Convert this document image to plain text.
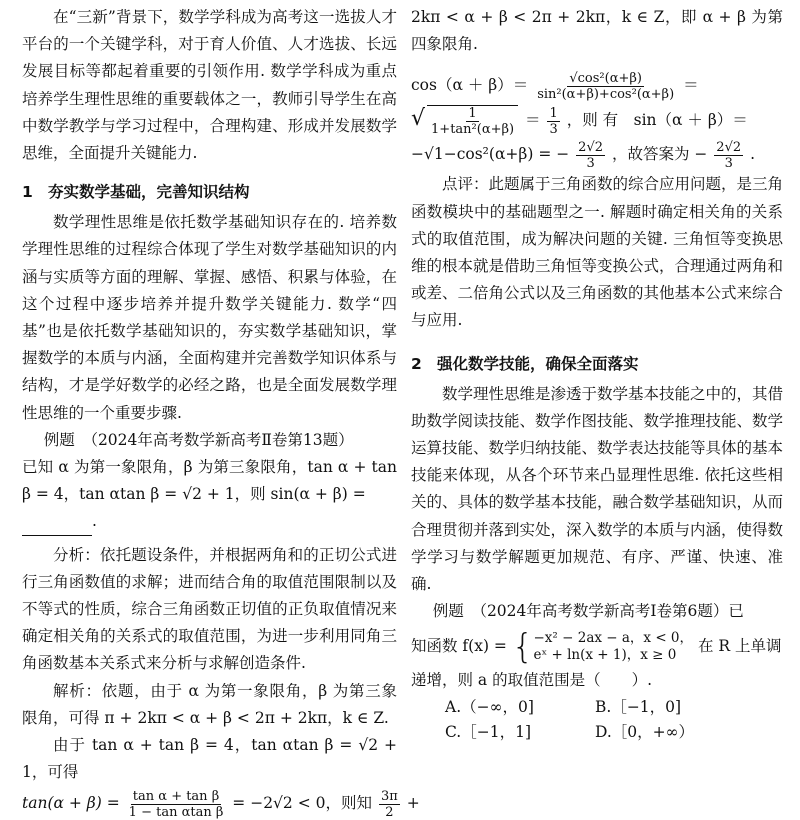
在“三新”背景下，数学学科成为高考这一选拔人才平台的一个关键学科，对于育人价值、人才选拔、长远发展目标等都起着重要的引领作用. 数学学科成为重点培养学生理性思维的重要载体之一，教师引导学生在高中数学教学与学习过程中，合理构建、形成并发展数学思维，全面提升关键能力.

1 夯实数学基础，完善知识结构

数学理性思维是依托数学基础知识存在的. 培养数学理性思维的过程综合体现了学生对数学基础知识的内涵与实质等方面的理解、掌握、感悟、积累与体验，在这个过程中逐步培养并提升数学关键能力. 数学“四基”也是依托数学基础知识的，夯实数学基础知识，掌握数学的本质与内涵，全面构建并完善数学知识体系与结构，才是学好数学的必经之路，也是全面发展数学理性思维的一个重要步骤.

例题　（2024年高考数学新高考Ⅱ卷第13题）

已知 α 为第一象限角，β 为第三象限角，tan α + tan β = 4，tan αtan β = √2 + 1，则 sin(α + β) =

.

分析：依托题设条件，并根据两角和的正切公式进行三角函数值的求解；进而结合角的取值范围限制以及不等式的性质，综合三角函数正切值的正负取值情况来确定相关角的关系式的取值范围，为进一步利用同角三角函数基本关系式来分析与求解创造条件.

解析：依题，由于 α 为第一象限角，β 为第三象限角，可得 π + 2kπ < α + β < 2π + 2kπ，k ∈ Z.

由于 tan α + tan β = 4，tan αtan β = √2 + 1，可得

$\tan(\alpha + \beta) = \frac{\text{tan α + tan β}}{\text{1 − tan αtan β}} = -2√2 < 0$，则知 $\frac{3\pi}{2}$ +

2kπ < α + β < 2π + 2kπ，k ∈ Z，即 α + β 为第四象限角.

$\cos(\alpha + \beta)= \frac{\text{√cos²(α+β)}}{\text{sin²(α+β)+cos²(α+β)}}$ ＝

√ $\frac{1}{\text{1+tan²(α+β)}} = \frac{1}{3}$ ，则 有　sin（α ＋ β）＝

−√1−cos²(α+β) = − $\frac{2√2}{3}$ ，故答案为 − $\frac{2√2}{3}$ .

点评：此题属于三角函数的综合应用问题，是三角函数模块中的基础题型之一. 解题时确定相关角的关系式的取值范围，成为解决问题的关键. 三角恒等变换思维的根本就是借助三角恒等变换公式，合理通过两角和或差、二倍角公式以及三角函数的其他基本公式来综合与应用.

2 强化数学技能，确保全面落实

数学理性思维是渗透于数学基本技能之中的，其借助数学阅读技能、数学作图技能、数学推理技能、数学运算技能、数学归纳技能、数学表达技能等具体的基本技能来体现，从各个环节来凸显理性思维. 依托这些相关的、具体的数学基本技能，融合数学基础知识，从而合理贯彻并落到实处，深入数学的本质与内涵，使得数学学习与数学解题更加规范、有序、严谨、快速、准确.

例题　（2024年高考数学新高考Ⅰ卷第6题）已

知函数 f(x) = { −x² − 2ax − a，x < 0，
eˣ + ln(x + 1)，x ≥ 0	在 R 上单调

递增，则 a 的取值范围是（　　）.

A.（−∞，0]	B.［−1，0]
C.［−1，1]	D.［0，+∞）
